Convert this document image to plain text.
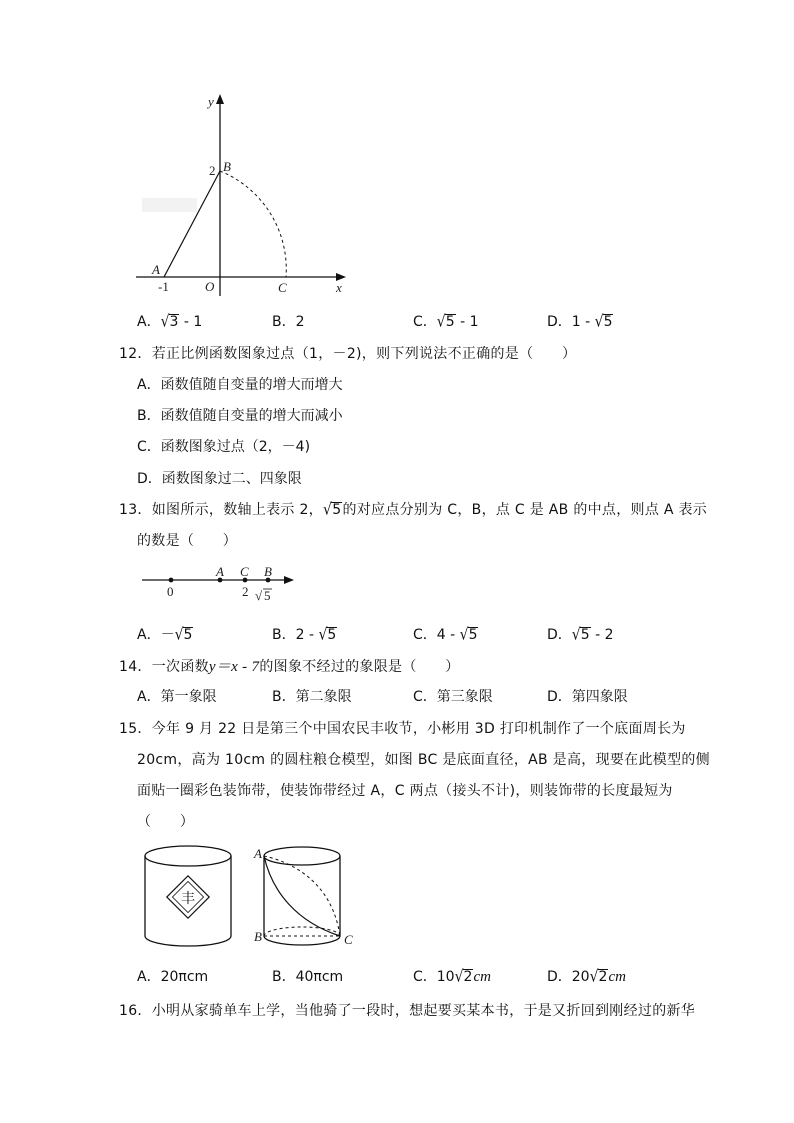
y
x
O
A
B
C
-1
2
A．√3 - 1	B．2	C．√5 - 1	D．1 - √5
12．若正比例函数图象过点（1，－2)，则下列说法不正确的是（　　）
A．函数值随自变量的增大而增大
B．函数值随自变量的增大而减小
C．函数图象过点（2，－4)
D．函数图象过二、四象限
13．如图所示，数轴上表示 2，√5的对应点分别为 C，B，点 C 是 AB 的中点，则点 A 表示
的数是（　　）
0
A C B
2 √ 5
A．－√5	B．2 - √5	C．4 - √5	D．√5 - 2
14．一次函数y＝x - 7的图象不经过的象限是（　　）
A．第一象限	B．第二象限	C．第三象限	D．第四象限
15．今年 9 月 22 日是第三个中国农民丰收节，小彬用 3D 打印机制作了一个底面周长为
20cm，高为 10cm 的圆柱粮仓模型，如图 BC 是底面直径，AB 是高，现要在此模型的侧
面贴一圈彩色装饰带，使装饰带经过 A，C 两点（接头不计)，则装饰带的长度最短为
（　　）
丰
A
B	C
A．20πcm	B．40πcm	C．10√2cm	D．20√2cm
16．小明从家骑单车上学，当他骑了一段时，想起要买某本书，于是又折回到刚经过的新华
